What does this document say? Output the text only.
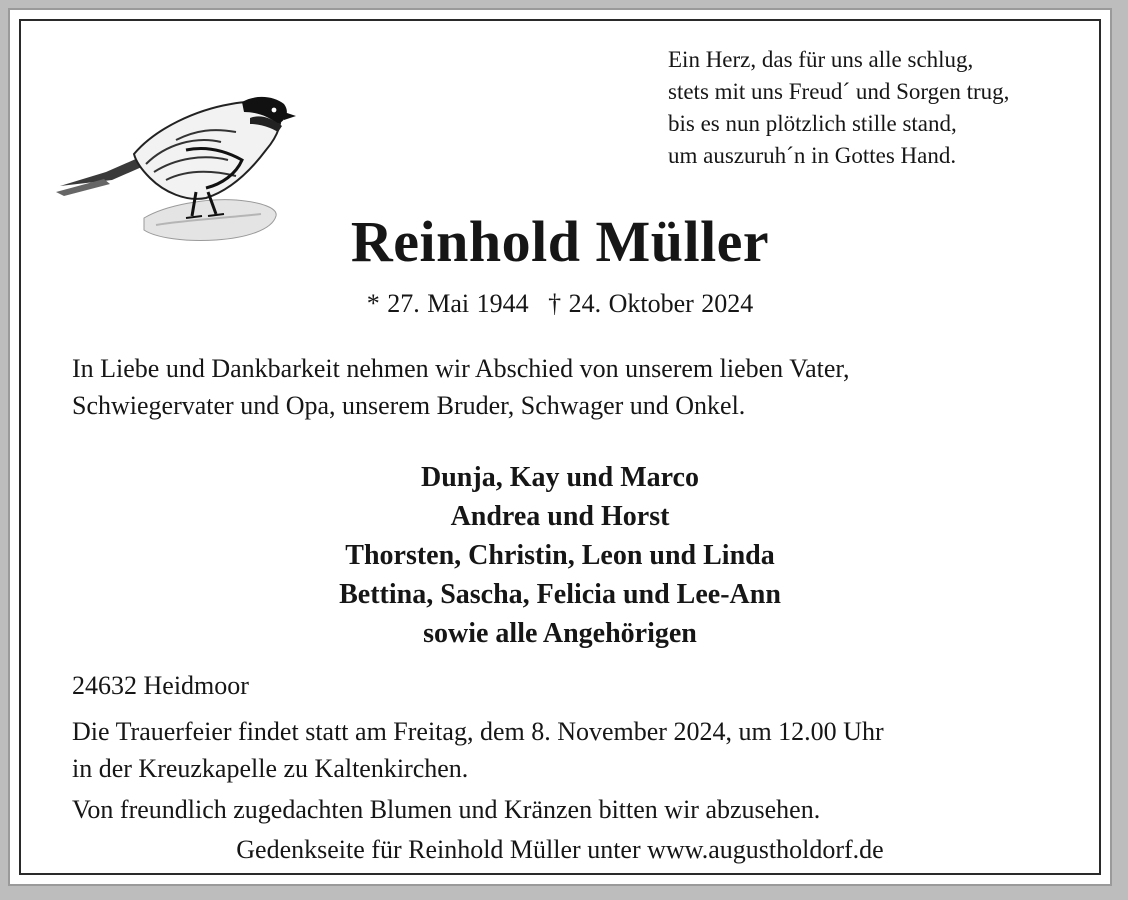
Ein Herz, das für uns alle schlug,
stets mit uns Freud´ und Sorgen trug,
bis es nun plötzlich stille stand,
um auszuruh´n in Gottes Hand.
Reinhold Müller
* 27. Mai 1944 † 24. Oktober 2024
In Liebe und Dankbarkeit nehmen wir Abschied von unserem lieben Vater,
Schwiegervater und Opa, unserem Bruder, Schwager und Onkel.
Dunja, Kay und Marco
Andrea und Horst
Thorsten, Christin, Leon und Linda
Bettina, Sascha, Felicia und Lee-Ann
sowie alle Angehörigen
24632 Heidmoor
Die Trauerfeier findet statt am Freitag, dem 8. November 2024, um 12.00 Uhr
in der Kreuzkapelle zu Kaltenkirchen.
Von freundlich zugedachten Blumen und Kränzen bitten wir abzusehen.
Gedenkseite für Reinhold Müller unter www.augustholdorf.de
